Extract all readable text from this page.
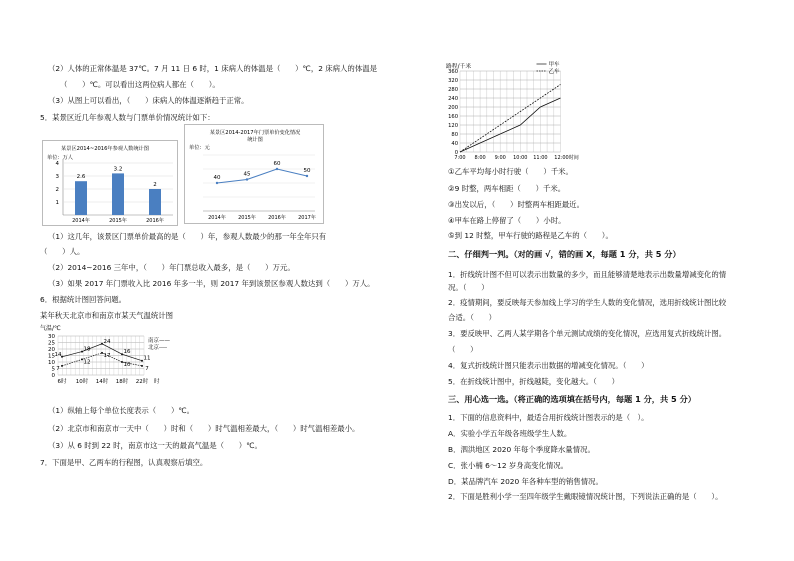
（2）人体的正常体温是 37℃。7 月 11 日 6 时，1 床病人的体温是（　　）℃，2 床病人的体温是
（　　）℃。可以看出这两位病人都在（　　）。
（3）从图上可以看出，（　　）床病人的体温逐渐趋于正常。
5．某景区近几年参观人数与门票单价情况统计如下：
某景区2014~2016年参观人数统计图
单位：万人
1
2
3
4
2.6
2014年
3.2
2015年
2
2016年
某景区2014-2017年门票单价变化情况
统计图
单位：元
40
2014年
45
2015年
60
2016年
50
2017年
（1）这几年，该景区门票单价最高的是（　　）年，参观人数最少的那一年全年只有
（　　）人。
（2）2014~2016 三年中，（　　）年门票总收入最多，是（　　）万元。
（3）如果 2017 年门票收入比 2016 年多一半，则 2017 年到该景区参观人数达到（　　）万人。
6．根据统计图回答问题。
某年秋天北京市和南京市某天气温统计图
气温/℃
0
5
10
15
20
25
30
6时 10时 14时 18时 22时 时
14
18
24
16
11
南京——
7
12
17
10
7
北京----
（1）纵轴上每个单位长度表示（　　）℃。
（2）北京市和南京市一天中（　　）时和（　　）时气温相差最大，（　　）时气温相差最小。
（3）从 6 时到 22 时，南京市这一天的最高气温是（　　）℃。
7．下面是甲、乙两车的行程图，认真观察后填空。
路程/千米
0
40
80
120
160
200
240
280
320
360
7:00 8:00 9:00 10:00 11:00 12:00时间
甲车
乙车
①乙车平均每小时行驶（　　）千米。
②9 时整，两车相距（　　）千米。
③出发以后，（　　）时整两车相距最近。
④甲车在路上停留了（　　）小时。
⑤到 12 时整，甲车行驶的路程是乙车的（　　）。
二、仔细判一判。（对的画 √，错的画 X，每题 1 分，共 5 分）
1．折线统计图不但可以表示出数量的多少，而且能够清楚地表示出数量增减变化的情
况。（　　）
2．疫情期间，要反映每天参加线上学习的学生人数的变化情况，选用折线统计图比较
合适。（　　）
3．要反映甲、乙两人某学期各个单元测试成绩的变化情况，应选用复式折线统计图。
（　　）
4．复式折线统计图只能表示出数据的增减变化情况。（　　）
5．在折线统计图中，折线越陡，变化越大。（　　）
三、用心选一选。（将正确的选项填在括号内，每题 1 分，共 5 分）
1．下面的信息资料中，最适合用折线统计图表示的是（　）。
A．实验小学五年级各班级学生人数。
B．泗洪地区 2020 年每个季度降水量情况。
C．张小楠 6～12 岁身高变化情况。
D．某品牌汽车 2020 年各种车型的销售情况。
2．下面是胜利小学一至四年级学生戴眼镜情况统计图，下列说法正确的是（　　）。
